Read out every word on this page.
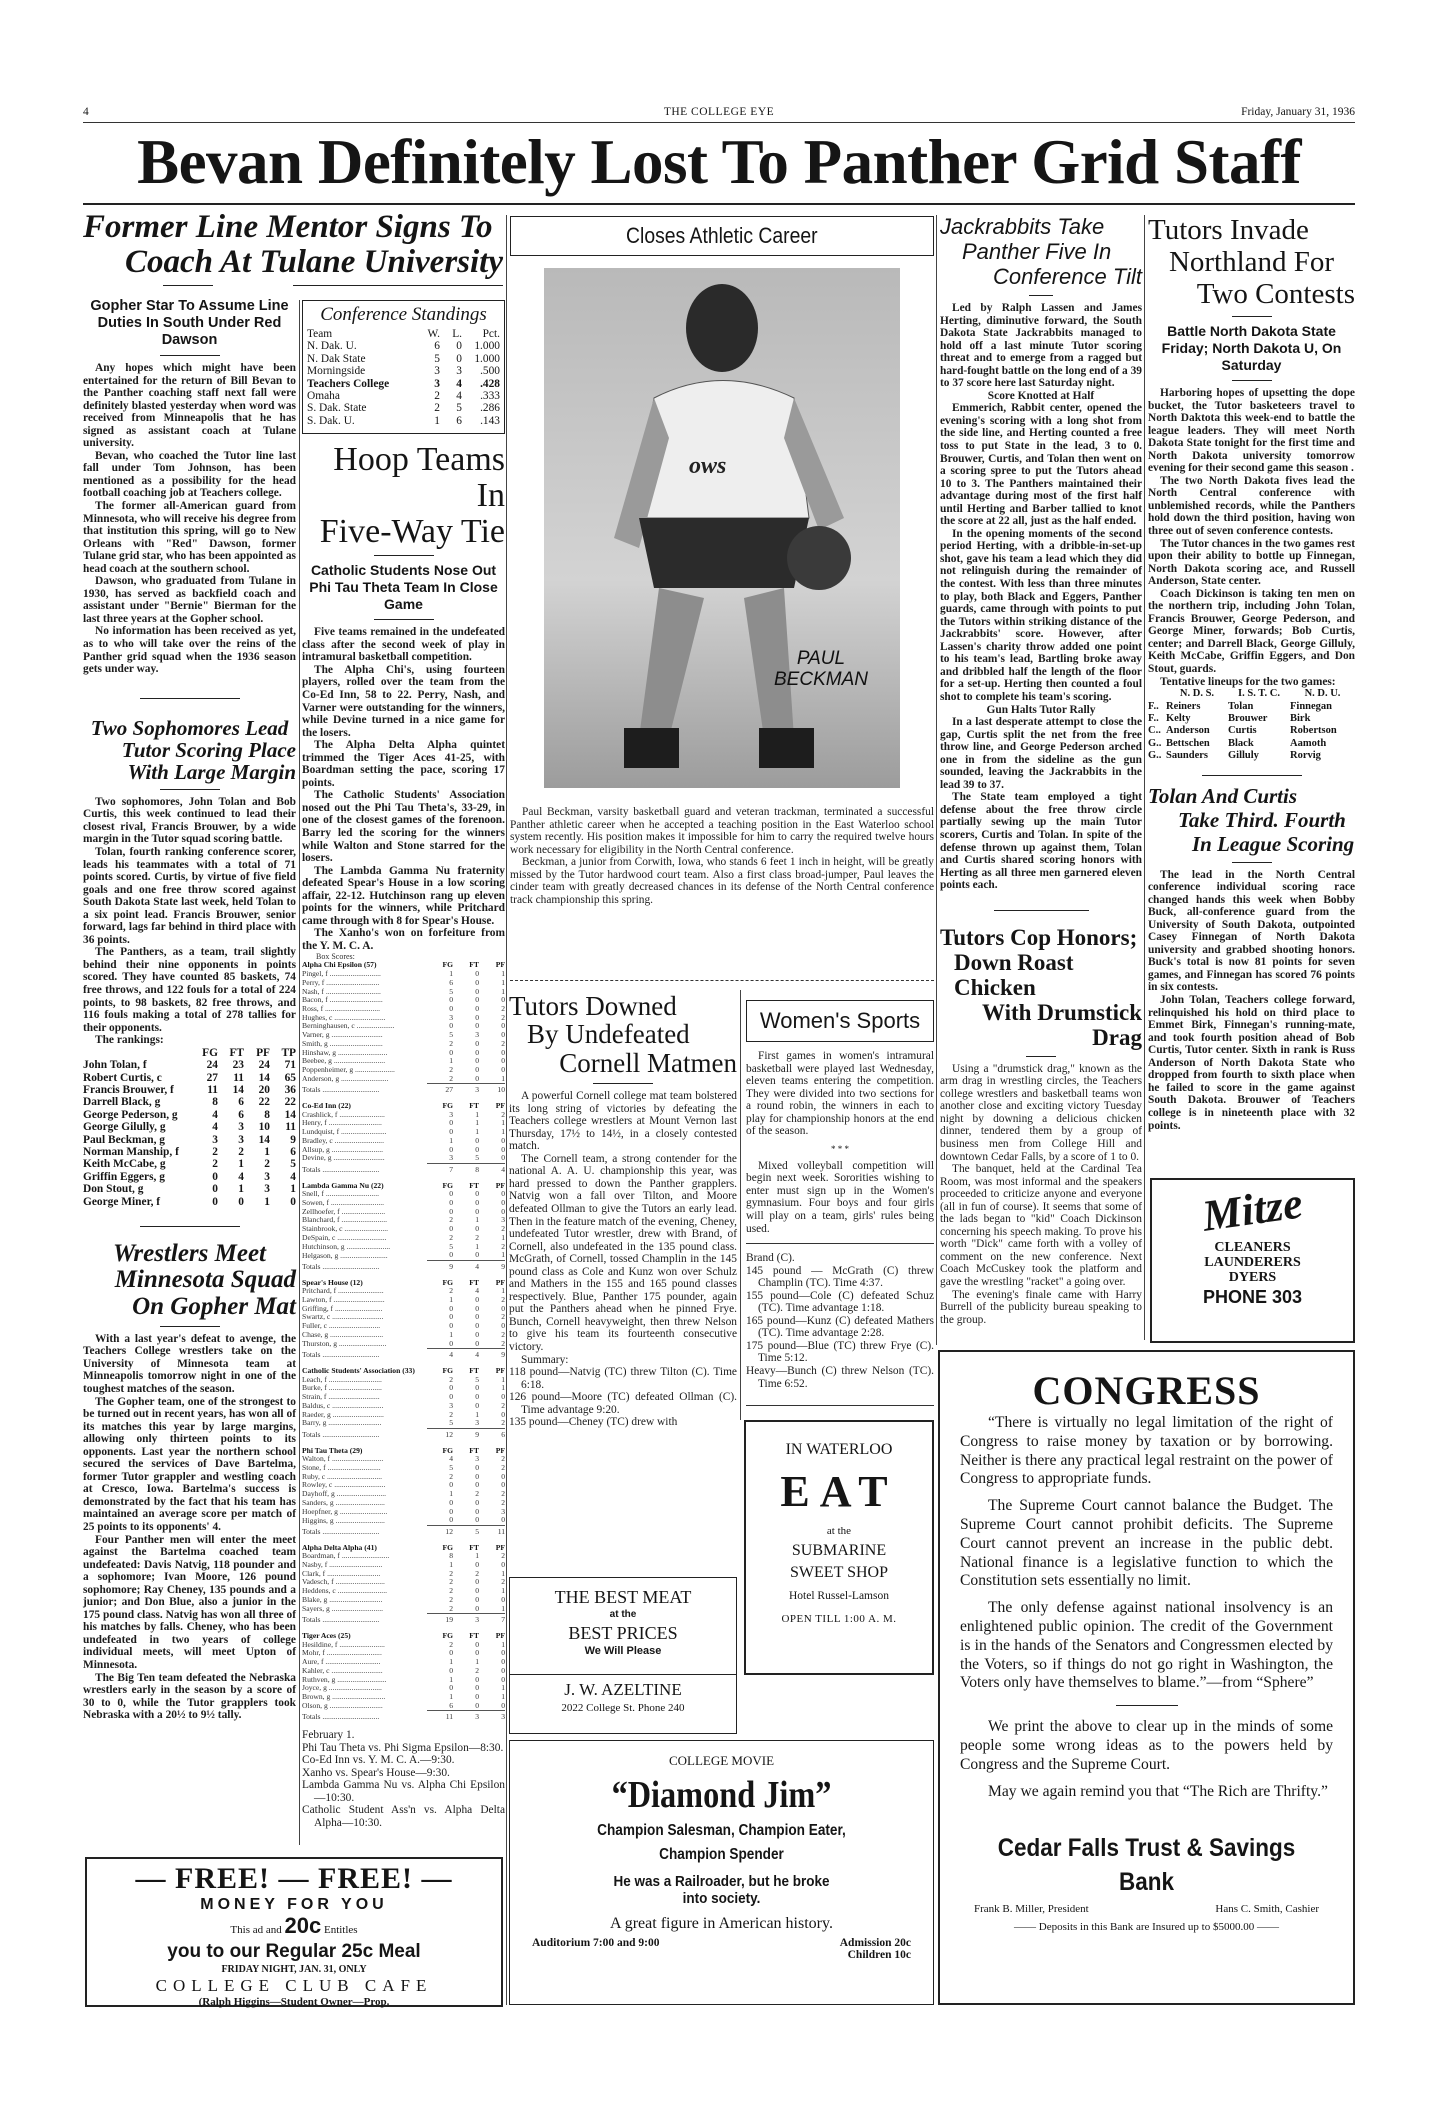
4	THE COLLEGE EYE	Friday, January 31, 1936
Bevan Definitely Lost To Panther Grid Staff
Former Line Mentor Signs To
Coach At Tulane University
Gopher Star To Assume Line Duties In South Under Red Dawson

Any hopes which might have been entertained for the return of Bill Bevan to the Panther coaching staff next fall were definitely blasted yesterday when word was received from Minneapolis that he has signed as assistant coach at Tulane university.

Bevan, who coached the Tutor line last fall under Tom Johnson, has been mentioned as a possibility for the head football coaching job at Teachers college.

The former all-American guard from Minnesota, who will receive his degree from that institution this spring, will go to New Orleans with "Red" Dawson, former Tulane grid star, who has been appointed as head coach at the southern school.

Dawson, who graduated from Tulane in 1930, has served as backfield coach and assistant under "Bernie" Bierman for the last three years at the Gopher school.

No information has been received as yet, as to who will take over the reins of the Panther grid squad when the 1936 season gets under way.

Two Sophomores Lead
Tutor Scoring Place
With Large Margin

Two sophomores, John Tolan and Bob Curtis, this week continued to lead their closest rival, Francis Brouwer, by a wide margin in the Tutor squad scoring battle.

Tolan, fourth ranking conference scorer, leads his teammates with a total of 71 points scored. Curtis, by virtue of five field goals and one free throw scored against South Dakota State last week, held Tolan to a six point lead. Francis Brouwer, senior forward, lags far behind in third place with 36 points.

The Panthers, as a team, trail slightly behind their nine opponents in points scored. They have counted 85 baskets, 74 free throws, and 122 fouls for a total of 224 points, to 98 baskets, 82 free throws, and 116 fouls making a total of 278 tallies for their opponents.

The rankings:

	FG	FT	PF	TP
John Tolan, f	24	23	24	71
Robert Curtis, c	27	11	14	65
Francis Brouwer, f	11	14	20	36
Darrell Black, g	8	6	22	22
George Pederson, g	4	6	8	14
George Gilully, g	4	3	10	11
Paul Beckman, g	3	3	14	9
Norman Manship, f	2	2	1	6
Keith McCabe, g	2	1	2	5
Griffin Eggers, g	0	4	3	4
Don Stout, g	0	1	3	1
George Miner, f	0	0	1	0
Wrestlers Meet
Minnesota Squad
On Gopher Mat

With a last year's defeat to avenge, the Teachers College wrestlers take on the University of Minnesota team at Minneapolis tomorrow night in one of the toughest matches of the season.

The Gopher team, one of the strongest to be turned out in recent years, has won all of its matches this year by large margins, allowing only thirteen points to its opponents. Last year the northern school secured the services of Dave Bartelma, former Tutor grappler and westling coach at Cresco, Iowa. Bartelma's success is demonstrated by the fact that his team has maintained an average score per match of 25 points to its opponents' 4.

Four Panther men will enter the meet against the Bartelma coached team undefeated: Davis Natvig, 118 pounder and a sophomore; Ivan Moore, 126 pound sophomore; Ray Cheney, 135 pounds and a junior; and Don Blue, also a junior in the 175 pound class. Natvig has won all three of his matches by falls. Cheney, who has been undefeated in two years of college individual meets, will meet Upton of Minnesota.

The Big Ten team defeated the Nebraska wrestlers early in the season by a score of 30 to 0, while the Tutor grapplers took Nebraska with a 20½ to 9½ tally.

Conference Standings
Team	W.	L.	Pct.
N. Dak. U.	6	0	1.000
N. Dak State	5	0	1.000
Morningside	3	3	.500
Teachers College	3	4	.428
Omaha	2	4	.333
S. Dak. State	2	5	.286
S. Dak. U.	1	6	.143
Hoop Teams In
Five-Way Tie
Catholic Students Nose Out Phi Tau Theta Team In Close Game

Five teams remained in the undefeated class after the second week of play in intramural basketball competition.

The Alpha Chi's, using fourteen players, rolled over the team from the Co-Ed Inn, 58 to 22. Perry, Nash, and Varner were outstanding for the winners, while Devine turned in a nice game for the losers.

The Alpha Delta Alpha quintet trimmed the Tiger Aces 41-25, with Boardman setting the pace, scoring 17 points.

The Catholic Students' Association nosed out the Phi Tau Theta's, 33-29, in one of the closest games of the forenoon. Barry led the scoring for the winners while Walton and Stone starred for the losers.

The Lambda Gamma Nu fraternity defeated Spear's House in a low scoring affair, 22-12. Hutchinson rang up eleven points for the winners, while Pritchard came through with 8 for Spear's House.

The Xanho's won on forfeiture from the Y. M. C. A.

Box Scores:
Alpha Chi Epsilon (57)	FG	FT	PF
Pingel, f ...........................	1	0	1
Perry, f ............................	6	0	1
Nash, f .............................	5	0	1
Bacon, f ............................	0	0	0
Ross, f .............................	0	0	2
Hughes, c ...........................	3	0	2
Berninghausen, c ....................	0	0	0
Varner, g ...........................	5	3	0
Smith, g ............................	2	0	2
Hinshaw, g ..........................	0	0	0
Beebee, g ...........................	1	0	0
Poppenheimer, g .....................	2	0	0
Anderson, g .........................	2	0	1
Totals ..............................	27	3	10
Co-Ed Inn (22)	FG	FT	PF
Crashlick, f ........................	3	1	2
Henry, f ............................	0	1	1
Lundquist, f ........................	0	1	1
Bradley, c ..........................	1	0	0
Allsup, g ...........................	0	0	0
Devine, g ...........................	3	5	0
Totals ..............................	7	8	4
Lambda Gamma Nu (22)	FG	FT	PF
Snell, f ............................	0	0	0
Sowen, f ............................	0	0	0
Zellhoefer, f .......................	0	0	0
Blanchard, f ........................	2	1	3
Stainbrook, c .......................	0	0	2
DeSpain, c ..........................	2	2	1
Hutchinson, g .......................	5	1	2
Helgason, g .........................	0	0	1
Totals ..............................	9	4	9
Spear's House (12)	FG	FT	PF
Pritchard, f ........................	2	4	1
Lawton, f ...........................	1	0	2
Griffing, f .........................	0	0	0
Swartz, c ...........................	0	0	2
Fuller, c ...........................	0	0	0
Chase, g ............................	1	0	2
Thurston, g .........................	0	0	2
Totals ..............................	4	4	9
Catholic Students' Association (33)	FG	FT	PF
Leach, f ............................	2	5	1
Burke, f ............................	0	0	1
Strain, f ...........................	0	0	0
Baldus, c ...........................	3	0	2
Raeder, g ...........................	2	1	0
Barry, g ............................	5	3	2
Totals ..............................	12	9	6
Phi Tau Theta (29)	FG	FT	PF
Walton, f ...........................	4	3	2
Stone, f ............................	5	0	2
Ruby, c .............................	2	0	0
Rowley, c ...........................	0	0	0
Dayhoff, g ..........................	1	2	2
Sanders, g ..........................	0	0	2
Hoepfner, g .........................	0	0	3
Higgins, g ..........................	0	0	0
Totals ..............................	12	5	11
Alpha Delta Alpha (41)	FG	FT	PF
Boardman, f .........................	8	1	2
Nasby, f ............................	1	0	0
Clark, f ............................	2	2	1
Vadesch, f ..........................	2	0	2
Heddens, c ..........................	2	0	1
Blake, g ............................	2	0	0
Sayers, g ...........................	2	0	1
Totals ..............................	19	3	7
Tiger Aces (25)	FG	FT	PF
Hesildine, f ........................	2	0	1
Mohr, f .............................	0	0	0
Aure, f .............................	1	1	0
Kahler, c ...........................	0	2	0
Ruthven, g ..........................	1	0	0
Joyce, g ............................	0	0	1
Brown, g ............................	1	0	1
Olson, g ............................	6	0	0
Totals ..............................	11	3	3
February 1.
Phi Tau Theta vs. Phi Sigma Epsilon—8:30.
Co-Ed Inn vs. Y. M. C. A.—9:30.
Xanho vs. Spear's House—9:30.
Lambda Gamma Nu vs. Alpha Chi Epsilon—10:30.
Catholic Student Ass'n vs. Alpha Delta Alpha—10:30.
Closes Athletic Career
ows
PAUL
BECKMAN

Paul Beckman, varsity basketball guard and veteran trackman, terminated a successful Panther athletic career when he accepted a teaching position in the East Waterloo school system recently. His position makes it impossible for him to carry the required twelve hours work necessary for eligibility in the North Central conference.

Beckman, a junior from Corwith, Iowa, who stands 6 feet 1 inch in height, will be greatly missed by the Tutor hardwood court team. Also a first class broad-jumper, Paul leaves the cinder team with greatly decreased chances in its defense of the North Central conference track championship this spring.

Tutors Downed
By Undefeated
Cornell Matmen

A powerful Cornell college mat team bolstered its long string of victories by defeating the Teachers college wrestlers at Mount Vernon last Thursday, 17½ to 14½, in a closely contested match.

The Cornell team, a strong contender for the national A. A. U. championship this year, was hard pressed to down the Panther grapplers. Natvig won a fall over Tilton, and Moore defeated Ollman to give the Tutors an early lead. Then in the feature match of the evening, Cheney, undefeated Tutor wrestler, drew with Brand, of Cornell, also undefeated in the 135 pound class. McGrath, of Cornell, tossed Champlin in the 145 pound class as Cole and Kunz won over Schulz and Mathers in the 155 and 165 pound classes respectively. Blue, Panther 175 pounder, again put the Panthers ahead when he pinned Frye. Bunch, Cornell heavyweight, then threw Nelson to give his team its fourteenth consecutive victory.

Summary:

118 pound—Natvig (TC) threw Tilton (C). Time 6:18.

126 pound—Moore (TC) defeated Ollman (C). Time advantage 9:20.

135 pound—Cheney (TC) drew with

Women's Sports

First games in women's intramural basketball were played last Wednesday, eleven teams entering the competition. They were divided into two sections for a round robin, the winners in each to play for championship honors at the end of the season.

* * *

Mixed volleyball competition will begin next week. Sororities wishing to enter must sign up in the Women's gymnasium. Four boys and four girls will play on a team, girls' rules being used.

Brand (C).

145 pound — McGrath (C) threw Champlin (TC). Time 4:37.

155 pound—Cole (C) defeated Schuz (TC). Time advantage 1:18.

165 pound—Kunz (C) defeated Mathers (TC). Time advantage 2:28.

175 pound—Blue (TC) threw Frye (C). Time 5:12.

Heavy—Bunch (C) threw Nelson (TC). Time 6:52.

Jackrabbits Take
Panther Five In
Conference Tilt

Led by Ralph Lassen and James Herting, diminutive forward, the South Dakota State Jackrabbits managed to hold off a last minute Tutor scoring threat and to emerge from a ragged but hard-fought battle on the long end of a 39 to 37 score here last Saturday night.

Score Knotted at Half

Emmerich, Rabbit center, opened the evening's scoring with a long shot from the side line, and Herting counted a free toss to put State in the lead, 3 to 0. Brouwer, Curtis, and Tolan then went on a scoring spree to put the Tutors ahead 10 to 3. The Panthers maintained their advantage during most of the first half until Herting and Barber tallied to knot the score at 22 all, just as the half ended.

In the opening moments of the second period Herting, with a dribble-in-set-up shot, gave his team a lead which they did not relinguish during the remainder of the contest. With less than three minutes to play, both Black and Eggers, Panther guards, came through with points to put the Tutors within striking distance of the Jackrabbits' score. However, after Lassen's charity throw added one point to his team's lead, Bartling broke away and dribbled half the length of the floor for a set-up. Herting then counted a foul shot to complete his team's scoring.

Gun Halts Tutor Rally

In a last desperate attempt to close the gap, Curtis split the net from the free throw line, and George Pederson arched one in from the sideline as the gun sounded, leaving the Jackrabbits in the lead 39 to 37.

The State team employed a tight defense about the free throw circle partially sewing up the main Tutor scorers, Curtis and Tolan. In spite of the defense thrown up against them, Tolan and Curtis shared scoring honors with Herting as all three men garnered eleven points each.

Tutors Cop Honors;
Down Roast Chicken
With Drumstick Drag

Using a "drumstick drag," known as the arm drag in wrestling circles, the Teachers college wrestlers and basketball teams won another close and exciting victory Tuesday night by downing a delicious chicken dinner, tendered them by a group of business men from College Hill and downtown Cedar Falls, by a score of 1 to 0.

The banquet, held at the Cardinal Tea Room, was most informal and the speakers proceeded to criticize anyone and everyone (all in fun of course). It seems that some of the lads began to "kid" Coach Dickinson concerning his speech making. To prove his worth "Dick" came forth with a volley of comment on the new conference. Next Coach McCuskey took the platform and gave the wrestling "racket" a going over.

The evening's finale came with Harry Burrell of the publicity bureau speaking to the group.

Tutors Invade
Northland For
Two Contests
Battle North Dakota State Friday; North Dakota U, On Saturday

Harboring hopes of upsetting the dope bucket, the Tutor basketeers travel to North Daktota this week-end to battle the league leaders. They will meet North Dakota State tonight for the first time and North Dakota university tomorrow evening for their second game this season .

The two North Dakota fives lead the North Central conference with unblemished records, while the Panthers hold down the third position, having won three out of seven conference contests.

The Tutor chances in the two games rest upon their ability to bottle up Finnegan, North Dakota scoring ace, and Russell Anderson, State center.

Coach Dickinson is taking ten men on the northern trip, including John Tolan, Francis Brouwer, George Pederson, and George Miner, forwards; Bob Curtis, center; and Darrell Black, George Gilluly, Keith McCabe, Griffin Eggers, and Don Stout, guards.

Tentative lineups for the two games:

	N. D. S.	I. S. T. C.	N. D. U.
F..	Reiners	Tolan	Finnegan
F..	Kelty	Brouwer	Birk
C..	Anderson	Curtis	Robertson
G..	Bettschen	Black	Aamoth
G..	Saunders	Gilluly	Rorvig
Tolan And Curtis
Take Third. Fourth
In League Scoring

The lead in the North Central conference individual scoring race changed hands this week when Bobby Buck, all-conference guard from the University of South Dakota, outpointed Casey Finnegan of North Dakota university and grabbed shooting honors. Buck's total is now 81 points for seven games, and Finnegan has scored 76 points in six contests.

John Tolan, Teachers college forward, relinquished his hold on third place to Emmet Birk, Finnegan's running-mate, and took fourth position ahead of Bob Curtis, Tutor center. Sixth in rank is Russ Anderson of North Dakota State who dropped from fourth to sixth place when he failed to score in the game against South Dakota. Brouwer of Teachers college is in nineteenth place with 32 points.

Mitze
CLEANERS
LAUNDERERS
DYERS
PHONE 303
CONGRESS

“There is virtually no legal limitation of the right of Congress to raise money by taxation or by borrowing. Neither is there any practical legal restraint on the power of Congress to appropriate funds.

The Supreme Court cannot balance the Budget. The Supreme Court cannot prohibit deficits. The Supreme Court cannot prevent an increase in the public debt. National finance is a legislative function to which the Constitution sets essentially no limit.

The only defense against national insolvency is an enlightened public opinion. The credit of the Government is in the hands of the Senators and Congressmen elected by the Voters, so if things do not go right in Washington, the Voters only have themselves to blame.”—from “Sphere”

We print the above to clear up in the minds of some people some wrong ideas as to the powers held by Congress and the Supreme Court.

May we again remind you that “The Rich are Thrifty.”

Cedar Falls Trust & Savings Bank
Frank B. Miller, President	Hans C. Smith, Cashier
—— Deposits in this Bank are Insured up to $5000.00 ——
IN WATERLOO
EAT
at the
SUBMARINE
SWEET SHOP
Hotel Russel-Lamson
OPEN TILL 1:00 A. M.
THE BEST MEAT
at the
BEST PRICES
We Will Please
J. W. AZELTINE
2022 College St. Phone 240
COLLEGE MOVIE
“Diamond Jim”
Champion Salesman, Champion Eater,
Champion Spender
He was a Railroader, but he broke into society.
A great figure in American history.
Auditorium 7:00 and 9:00	Admission 20c
Children 10c
— FREE! — FREE! —
MONEY FOR YOU
This ad and 20c Entitles
you to our Regular 25c Meal
FRIDAY NIGHT, JAN. 31, ONLY
COLLEGE CLUB CAFE
(Ralph Higgins—Student Owner—Prop.
